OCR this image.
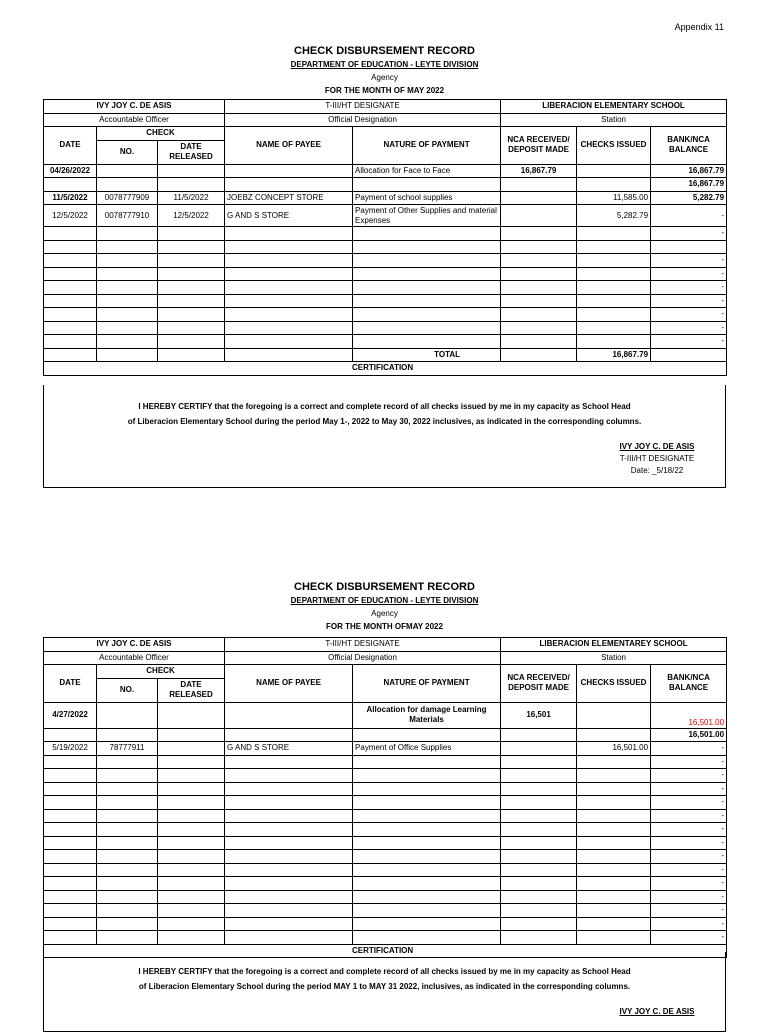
Appendix 11
CHECK DISBURSEMENT RECORD
DEPARTMENT OF EDUCATION - LEYTE DIVISION
Agency
FOR THE MONTH OF MAY 2022
IVY JOY C. DE ASIS			T-III/HT DESIGNATE		LIBERACION ELEMENTARY SCHOOL		
Accountable Officer			Official Designation		Station		
DATE	CHECK		NAME OF PAYEE	NATURE OF PAYMENT	NCA RECEIVED/ DEPOSIT MADE	CHECKS ISSUED	BANK/NCA BALANCE
	NO.	DATE RELEASED					
04/26/2022				Allocation for Face to Face	16,867.79		16,867.79
							16,867.79
11/5/2022	0078777909	11/5/2022	JOEBZ CONCEPT STORE	Payment of school supplies		11,585.00	5,282.79
12/5/2022	0078777910	12/5/2022	G AND S STORE	Payment of Other Supplies and material Expenses		5,282.79	-
							-

							-
							-
							-
							-
							-
							-
							-
				TOTAL		16,867.79	
CERTIFICATION							
I HEREBY CERTIFY that the foregoing is a correct and complete record of all checks issued by me in my capacity as School Head
of Liberacion Elementary School during the period May 1-, 2022 to May 30, 2022 inclusives, as indicated in the corresponding columns.
IVY JOY C. DE ASIS
T-III/HT DESIGNATE
Date: _5/18/22
CHECK DISBURSEMENT RECORD
DEPARTMENT OF EDUCATION - LEYTE DIVISION
Agency
FOR THE MONTH OFMAY 2022
IVY JOY C. DE ASIS			T-III/HT DESIGNATE		LIBERACION ELEMENTAREY SCHOOL		
Accountable Officer			Official Designation		Station		
DATE	CHECK		NAME OF PAYEE	NATURE OF PAYMENT	NCA RECEIVED/ DEPOSIT MADE	CHECKS ISSUED	BANK/NCA BALANCE
	NO.	DATE RELEASED					
4/27/2022				Allocation for damage Learning Materials	16,501		16,501.00
							16,501.00
5/19/2022	78777911		G AND S STORE	Payment of Office Supplies		16,501.00	-
							-
							-
							-
							-
							-
							-
							-
							-
							-
							-
							-
							-
							-
							-
CERTIFICATION							
I HEREBY CERTIFY that the foregoing is a correct and complete record of all checks issued by me in my capacity as School Head
of Liberacion Elementary School during the period MAY 1 to MAY 31 2022, inclusives, as indicated in the corresponding columns.
IVY JOY C. DE ASIS
